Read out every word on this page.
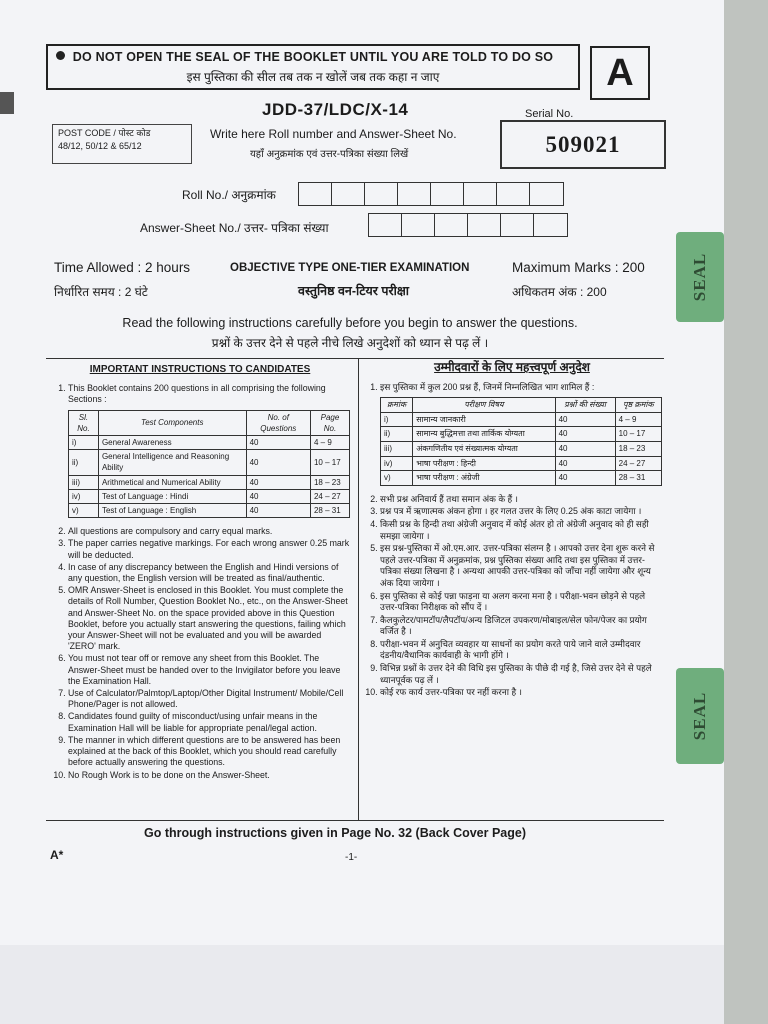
DO NOT OPEN THE SEAL OF THE BOOKLET UNTIL YOU ARE TOLD TO DO SO
इस पुस्तिका की सील तब तक न खोलें जब तक कहा न जाए	A
JDD-37/LDC/X-14	Serial No.
509021
POST CODE / पोस्ट कोड
48/12, 50/12 & 65/12
Write here Roll number and Answer-Sheet No.
यहाँ अनुक्रमांक एवं उत्तर-पत्रिका संख्या लिखें
Roll No./ अनुक्रमांक
Answer-Sheet No./ उत्तर- पत्रिका संख्या
Time Allowed : 2 hours
निर्धारित समय : 2 घंटे
OBJECTIVE TYPE ONE-TIER EXAMINATION
वस्तुनिष्ठ वन-टियर परीक्षा
Maximum Marks : 200
अधिकतम अंक : 200
Read the following instructions carefully before you begin to answer the questions.
प्रश्नों के उत्तर देने से पहले नीचे लिखे अनुदेशों को ध्यान से पढ़ लें ।
IMPORTANT INSTRUCTIONS TO CANDIDATES
1. This Booklet contains 200 questions in all comprising the following Sections :
Sl. No.	Test Components	No. of Questions	Page No.
i)	General Awareness	40	4 – 9
ii)	General Intelligence and Reasoning Ability	40	10 – 17
iii)	Arithmetical and Numerical Ability	40	18 – 23
iv)	Test of Language : Hindi	40	24 – 27
v)	Test of Language : English	40	28 – 31
2. All questions are compulsory and carry equal marks.
3. The paper carries negative markings. For each wrong answer 0.25 mark will be deducted.
4. In case of any discrepancy between the English and Hindi versions of any question, the English version will be treated as final/authentic.
5. OMR Answer-Sheet is enclosed in this Booklet. You must complete the details of Roll Number, Question Booklet No., etc., on the Answer-Sheet and Answer-Sheet No. on the space provided above in this Question Booklet, before you actually start answering the questions, failing which your Answer-Sheet will not be evaluated and you will be awarded 'ZERO' mark.
6. You must not tear off or remove any sheet from this Booklet. The Answer-Sheet must be handed over to the Invigilator before you leave the Examination Hall.
7. Use of Calculator/Palmtop/Laptop/Other Digital Instrument/ Mobile/Cell Phone/Pager is not allowed.
8. Candidates found guilty of misconduct/using unfair means in the Examination Hall will be liable for appropriate penal/legal action.
9. The manner in which different questions are to be answered has been explained at the back of this Booklet, which you should read carefully before actually answering the questions.
10. No Rough Work is to be done on the Answer-Sheet.
उम्मीदवारों के लिए महत्त्वपूर्ण अनुदेश
1. इस पुस्तिका में कुल 200 प्रश्न हैं, जिनमें निम्नलिखित भाग शामिल हैं :
क्रमांक	परीक्षण विषय	प्रश्नों की संख्या	पृष्ठ क्रमांक
i)	सामान्य जानकारी	40	4 – 9
ii)	सामान्य बुद्धिमत्ता तथा तार्किक योग्यता	40	10 – 17
iii)	अंकगणितीय एवं संख्यात्मक योग्यता	40	18 – 23
iv)	भाषा परीक्षण : हिन्दी	40	24 – 27
v)	भाषा परीक्षण : अंग्रेजी	40	28 – 31
2. सभी प्रश्न अनिवार्य हैं तथा समान अंक के हैं ।
3. प्रश्न पत्र में ऋणात्मक अंकन होगा । हर गलत उत्तर के लिए 0.25 अंक काटा जायेगा ।
4. किसी प्रश्न के हिन्दी तथा अंग्रेजी अनुवाद में कोई अंतर हो तो अंग्रेजी अनुवाद को ही सही समझा जायेगा ।
5. इस प्रश्न-पुस्तिका में ओ.एम.आर. उत्तर-पत्रिका संलग्न है । आपको उत्तर देना शुरू करने से पहले उत्तर-पत्रिका में अनुक्रमांक, प्रश्न पुस्तिका संख्या आदि तथा इस पुस्तिका में उत्तर-पत्रिका संख्या लिखना है । अन्यथा आपकी उत्तर-पत्रिका को जाँचा नहीं जायेगा और शून्य अंक दिया जायेगा ।
6. इस पुस्तिका से कोई पन्ना फाड़ना या अलग करना मना है । परीक्षा-भवन छोड़ने से पहले उत्तर-पत्रिका निरीक्षक को सौंप दें ।
7. कैलकुलेटर/पामटॉप/लैपटॉप/अन्य डिजिटल उपकरण/मोबाइल/सेल फोन/पेजर का प्रयोग वर्जित है ।
8. परीक्षा-भवन में अनुचित व्यवहार या साधनों का प्रयोग करते पाये जाने वाले उम्मीदवार दंडनीय/वैधानिक कार्यवाही के भागी होंगे ।
9. विभिन्न प्रश्नों के उत्तर देने की विधि इस पुस्तिका के पीछे दी गई है, जिसे उत्तर देने से पहले ध्यानपूर्वक पढ़ लें ।
10. कोई रफ कार्य उत्तर-पत्रिका पर नहीं करना है ।
Go through instructions given in Page No. 32 (Back Cover Page)
A*	-1-
SEAL
SEAL
